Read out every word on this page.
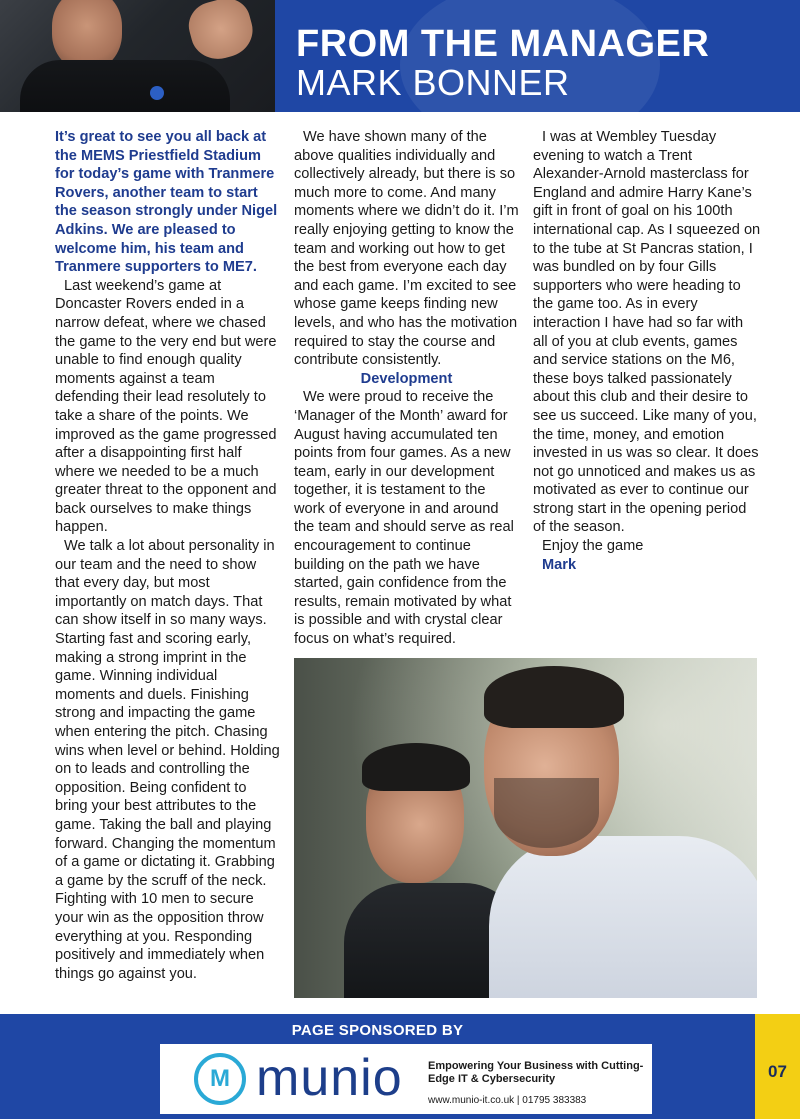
FROM THE MANAGER
MARK BONNER

It’s great to see you all back at the MEMS Priestfield Stadium for today’s game with Tranmere Rovers, another team to start the season strongly under Nigel Adkins. We are pleased to welcome him, his team and Tranmere supporters to ME7.

Last weekend’s game at Doncaster Rovers ended in a narrow defeat, where we chased the game to the very end but were unable to find enough quality moments against a team defending their lead resolutely to take a share of the points. We improved as the game progressed after a disappointing first half where we needed to be a much greater threat to the opponent and back ourselves to make things happen.

We talk a lot about personality in our team and the need to show that every day, but most importantly on match days. That can show itself in so many ways. Starting fast and scoring early, making a strong imprint in the game. Winning individual moments and duels. Finishing strong and impacting the game when entering the pitch. Chasing wins when level or behind. Holding on to leads and controlling the opposition. Being confident to bring your best attributes to the game. Taking the ball and playing forward. Changing the momentum of a game or dictating it. Grabbing a game by the scruff of the neck. Fighting with 10 men to secure your win as the opposition throw everything at you. Responding positively and immediately when things go against you.

We have shown many of the above qualities individually and collectively already, but there is so much more to come. And many moments where we didn’t do it. I’m really enjoying getting to know the team and working out how to get the best from everyone each day and each game. I’m excited to see whose game keeps finding new levels, and who has the motivation required to stay the course and contribute consistently.

Development

We were proud to receive the ‘Manager of the Month’ award for August having accumulated ten points from four games. As a new team, early in our development together, it is testament to the work of everyone in and around the team and should serve as real encouragement to continue building on the path we have started, gain confidence from the results, remain motivated by what is possible and with crystal clear focus on what’s required.

I was at Wembley Tuesday evening to watch a Trent Alexander-Arnold masterclass for England and admire Harry Kane’s gift in front of goal on his 100th international cap. As I squeezed on to the tube at St Pancras station, I was bundled on by four Gills supporters who were heading to the game too. As in every interaction I have had so far with all of you at club events, games and service stations on the M6, these boys talked passionately about this club and their desire to see us succeed. Like many of you, the time, money, and emotion invested in us was so clear. It does not go unnoticed and makes us as motivated as ever to continue our strong start in the opening period of the season.

Enjoy the game

Mark

PAGE SPONSORED BY
M munio Empowering Your Business with Cutting-Edge IT & Cybersecurity
www.munio-it.co.uk | 01795 383383
07
